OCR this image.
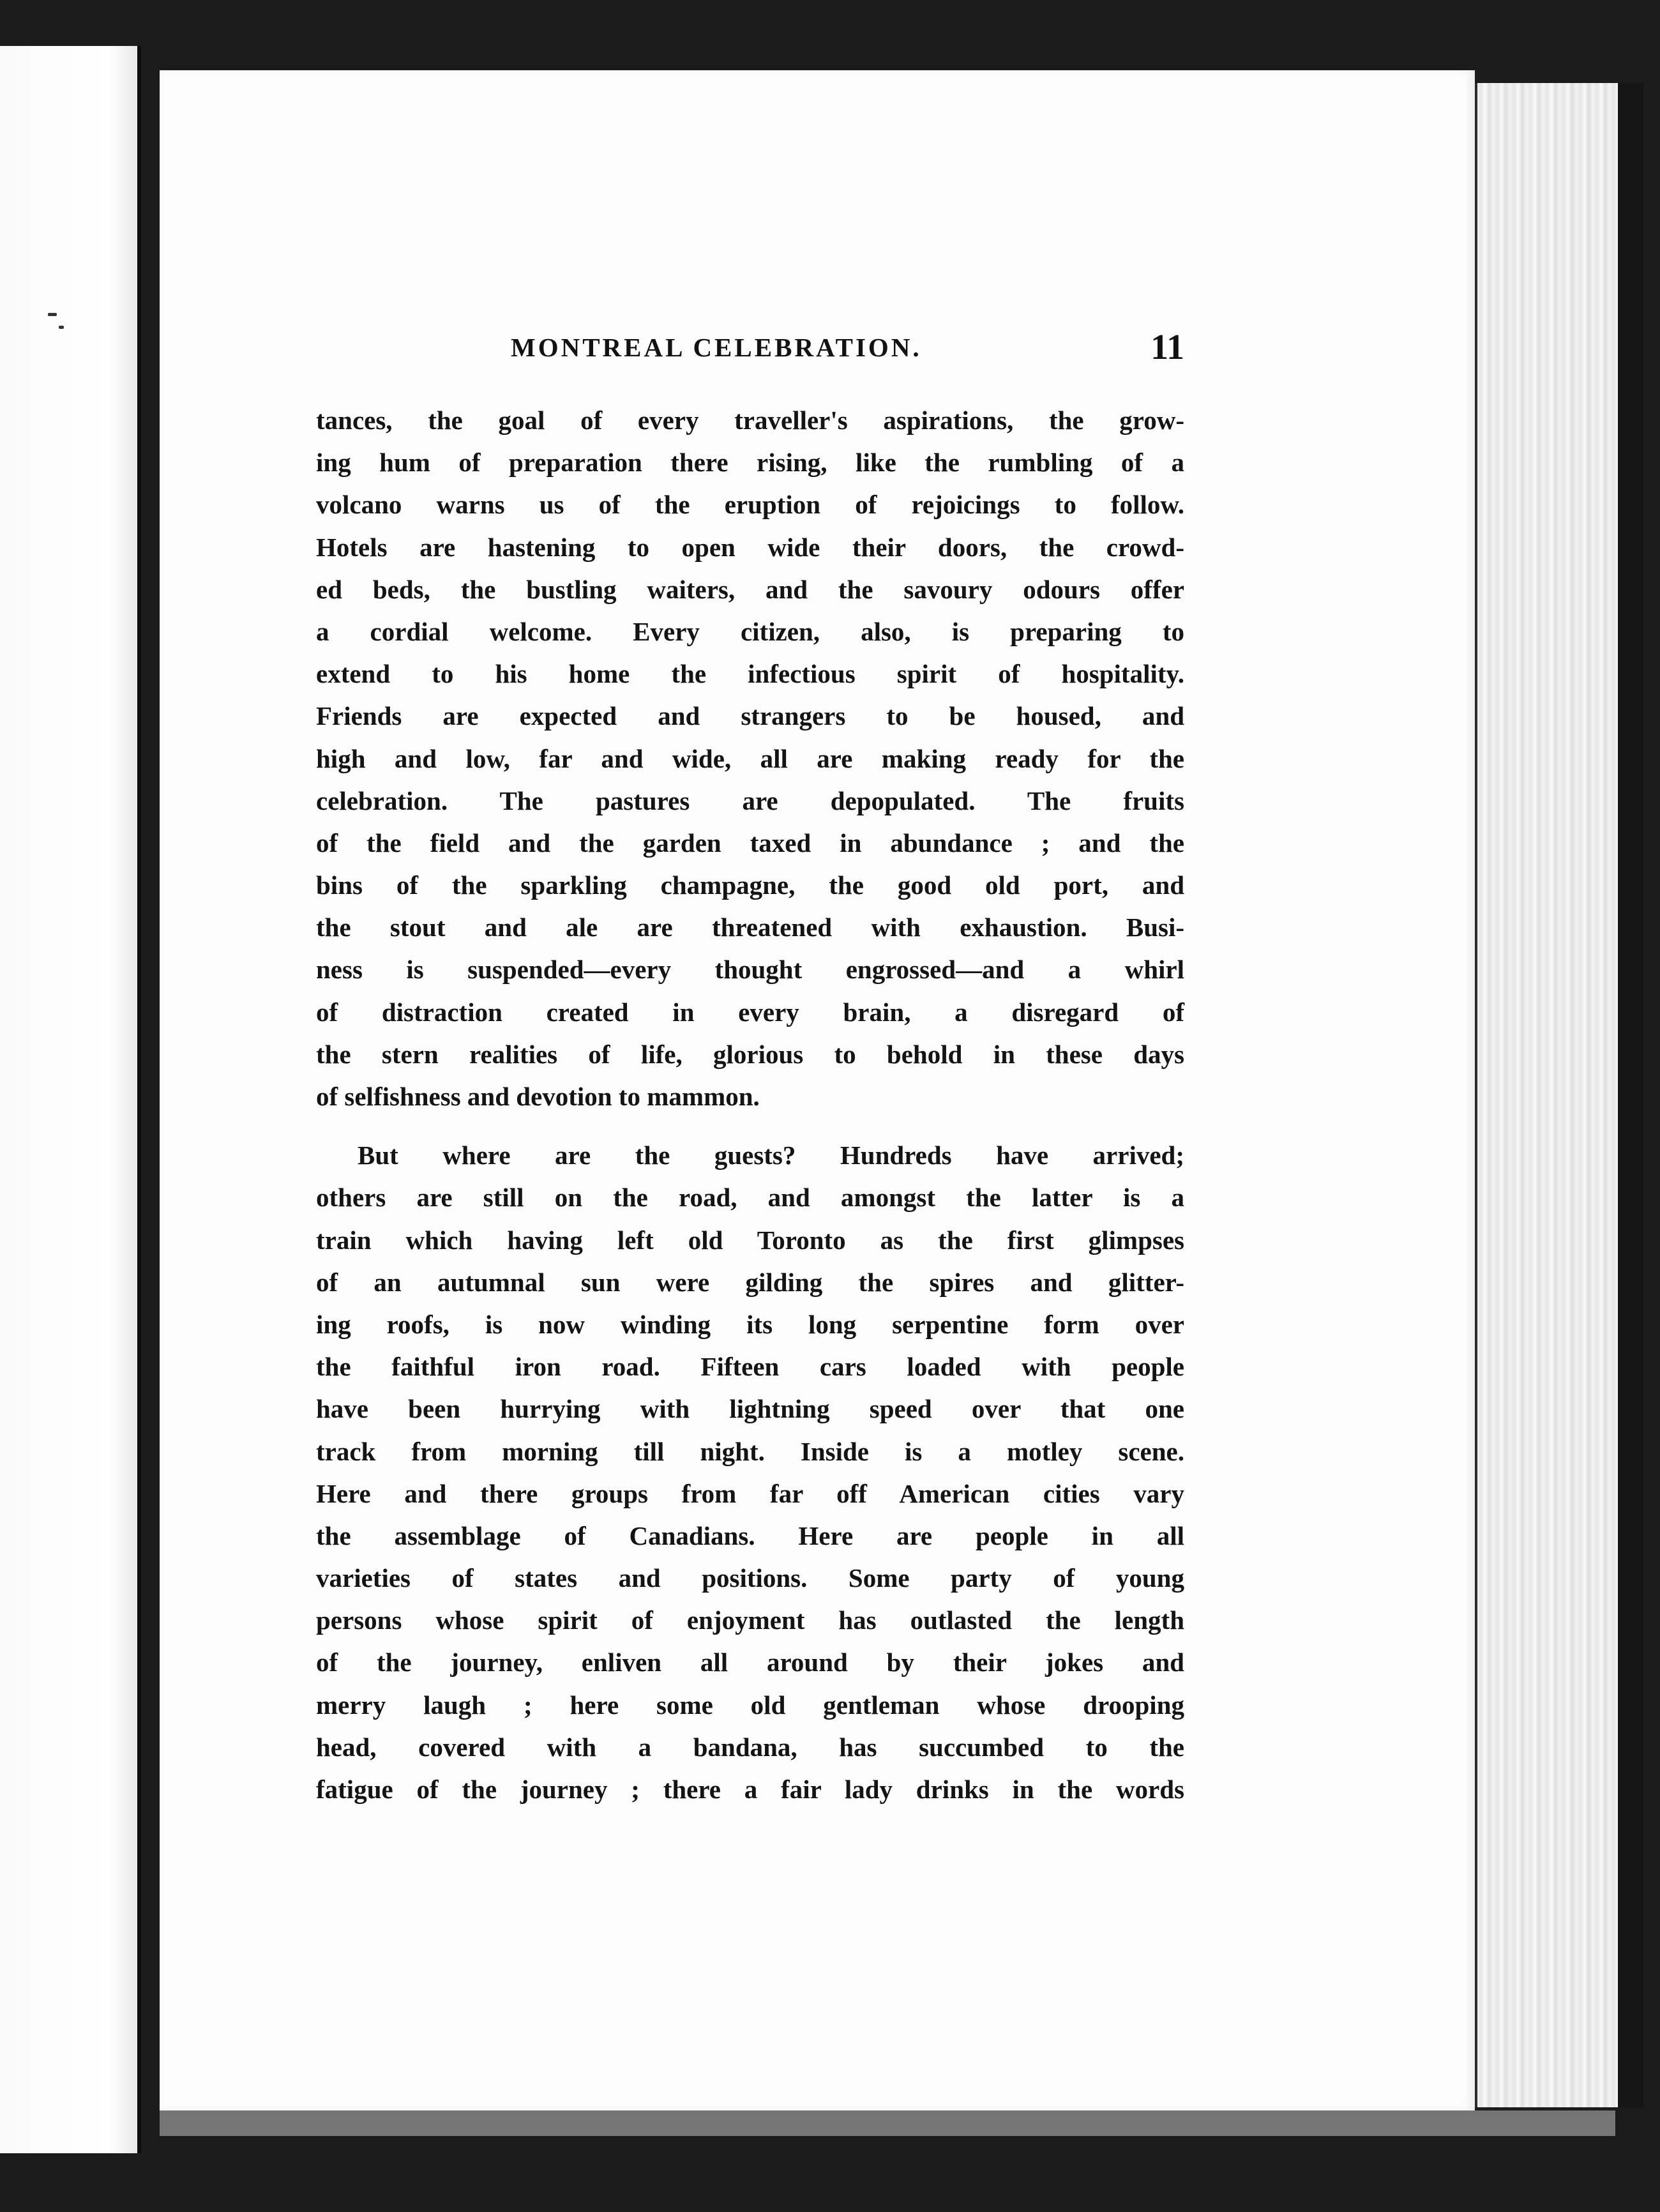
MONTREAL CELEBRATION.	11
tances, the goal of every traveller's aspirations, the grow-
ing hum of preparation there rising, like the rumbling of a
volcano warns us of the eruption of rejoicings to follow.
Hotels are hastening to open wide their doors, the crowd-
ed beds, the bustling waiters, and the savoury odours offer
a cordial welcome. Every citizen, also, is preparing to
extend to his home the infectious spirit of hospitality.
Friends are expected and strangers to be housed, and
high and low, far and wide, all are making ready for the
celebration. The pastures are depopulated. The fruits
of the field and the garden taxed in abundance ; and the
bins of the sparkling champagne, the good old port, and
the stout and ale are threatened with exhaustion. Busi-
ness is suspended—every thought engrossed—and a whirl
of distraction created in every brain, a disregard of
the stern realities of life, glorious to behold in these days
of selfishness and devotion to mammon.
But where are the guests? Hundreds have arrived;
others are still on the road, and amongst the latter is a
train which having left old Toronto as the first glimpses
of an autumnal sun were gilding the spires and glitter-
ing roofs, is now winding its long serpentine form over
the faithful iron road. Fifteen cars loaded with people
have been hurrying with lightning speed over that one
track from morning till night. Inside is a motley scene.
Here and there groups from far off American cities vary
the assemblage of Canadians. Here are people in all
varieties of states and positions. Some party of young
persons whose spirit of enjoyment has outlasted the length
of the journey, enliven all around by their jokes and
merry laugh ; here some old gentleman whose drooping
head, covered with a bandana, has succumbed to the
fatigue of the journey ; there a fair lady drinks in the words
